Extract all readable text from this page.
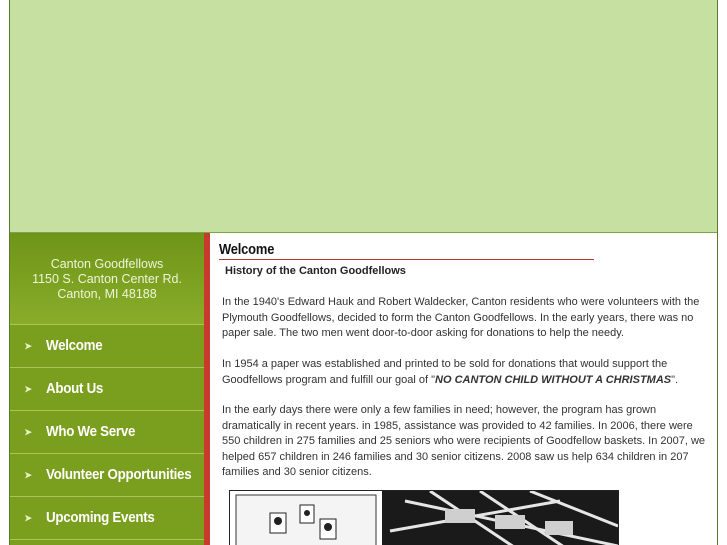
Canton Goodfellows
1150 S. Canton Center Rd.
Canton, MI 48188
➤ Welcome
➤ About Us
➤ Who We Serve
➤ Volunteer Opportunities
➤ Upcoming Events
Welcome
History of the Canton Goodfellows
In the 1940's Edward Hauk and Robert Waldecker, Canton residents who were volunteers with the Plymouth Goodfellows, decided to form the Canton Goodfellows. In the early years, there was no paper sale. The two men went door-to-door asking for donations to help the needy.
In 1954 a paper was established and printed to be sold for donations that would support the Goodfellows program and fulfill our goal of "NO CANTON CHILD WITHOUT A CHRISTMAS".
In the early days there were only a few families in need; however, the program has grown dramatically in recent years. in 1985, assistance was provided to 42 families. In 2006, there were 550 children in 275 families and 25 seniors who were recipients of Goodfellow baskets. In 2007, we helped 657 children in 246 families and 30 senior citizens. 2008 saw us help 634 children in 207 families and 30 senior citizens.
